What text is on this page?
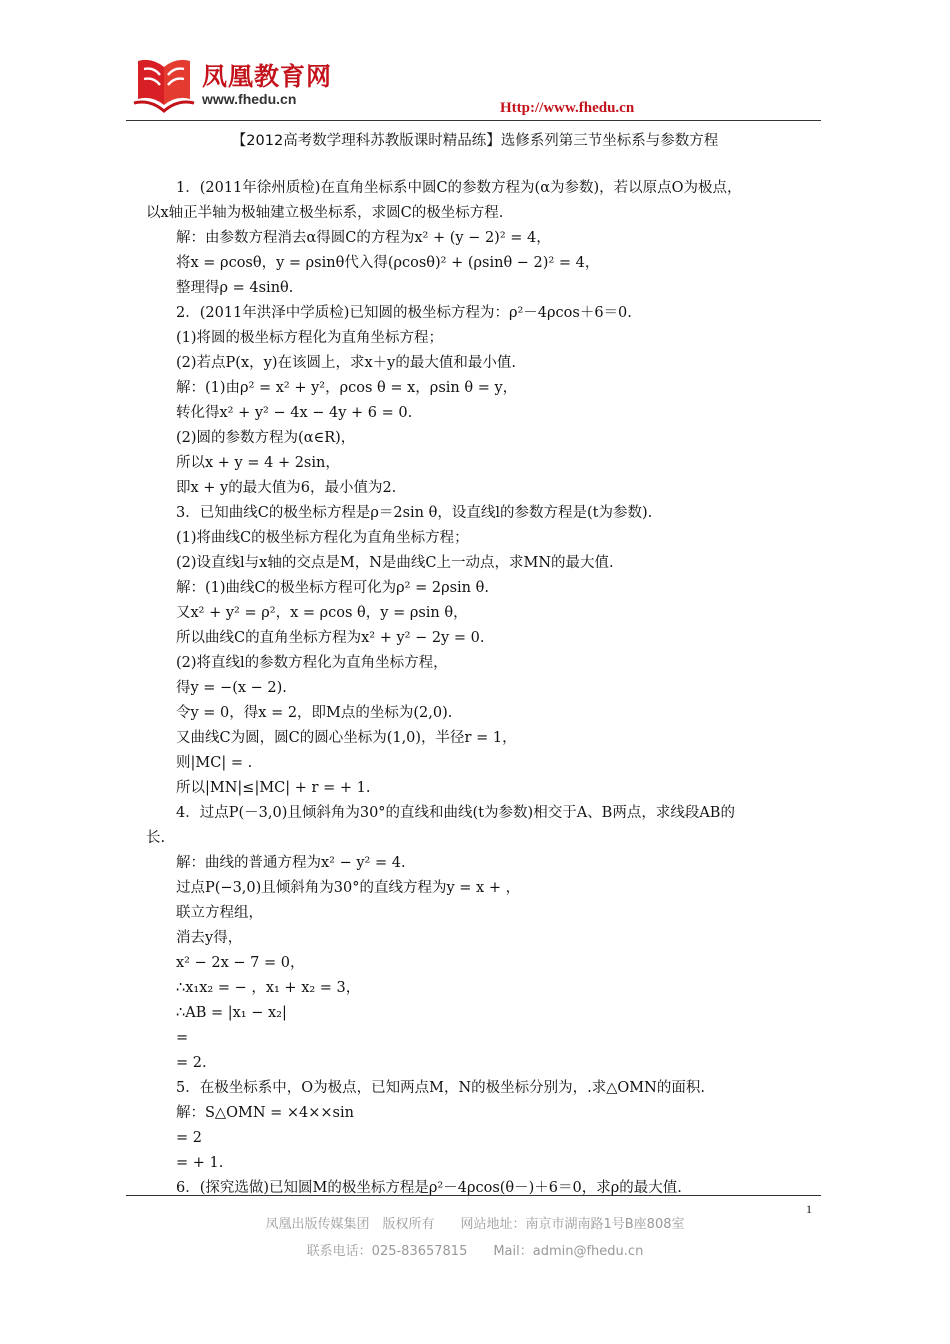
凤凰教育网
www.fhedu.cn
Http://www.fhedu.cn
【2012高考数学理科苏教版课时精品练】选修系列第三节坐标系与参数方程
1．(2011年徐州质检)在直角坐标系中圆C的参数方程为(α为参数)，若以原点O为极点，
以x轴正半轴为极轴建立极坐标系，求圆C的极坐标方程.
解：由参数方程消去α得圆C的方程为x² + (y − 2)² = 4，
将x = ρcosθ，y = ρsinθ代入得(ρcosθ)² + (ρsinθ − 2)² = 4，
整理得ρ = 4sinθ.
2．(2011年洪泽中学质检)已知圆的极坐标方程为：ρ²－4ρcos＋6＝0.
(1)将圆的极坐标方程化为直角坐标方程；
(2)若点P(x，y)在该圆上，求x＋y的最大值和最小值.
解：(1)由ρ² = x² + y²，ρcos θ = x，ρsin θ = y，
转化得x² + y² − 4x − 4y + 6 = 0.
(2)圆的参数方程为(α∈R)，
所以x + y = 4 + 2sin，
即x + y的最大值为6，最小值为2.
3．已知曲线C的极坐标方程是ρ＝2sin θ，设直线l的参数方程是(t为参数).
(1)将曲线C的极坐标方程化为直角坐标方程；
(2)设直线l与x轴的交点是M，N是曲线C上一动点，求MN的最大值.
解：(1)曲线C的极坐标方程可化为ρ² = 2ρsin θ.
又x² + y² = ρ²，x = ρcos θ，y = ρsin θ，
所以曲线C的直角坐标方程为x² + y² − 2y = 0.
(2)将直线l的参数方程化为直角坐标方程，
得y = −(x − 2).
令y = 0，得x = 2，即M点的坐标为(2,0).
又曲线C为圆，圆C的圆心坐标为(1,0)，半径r = 1，
则|MC| = .
所以|MN|≤|MC| + r = + 1.
4．过点P(－3,0)且倾斜角为30°的直线和曲线(t为参数)相交于A、B两点，求线段AB的
长.
解：曲线的普通方程为x² − y² = 4.
过点P(−3,0)且倾斜角为30°的直线方程为y = x + ，
联立方程组，
消去y得，
x² − 2x − 7 = 0，
∴x₁x₂ = − ，x₁ + x₂ = 3，
∴AB = |x₁ − x₂|
=
= 2.
5．在极坐标系中，O为极点，已知两点M，N的极坐标分别为，.求△OMN的面积.
解：S△OMN = ×4××sin
= 2
= + 1.
6．(探究选做)已知圆M的极坐标方程是ρ²－4ρcos(θ－)＋6＝0，求ρ的最大值.
1
凤凰出版传媒集团　版权所有　　网站地址：南京市湖南路1号B座808室
联系电话：025-83657815　　Mail：admin@fhedu.cn
